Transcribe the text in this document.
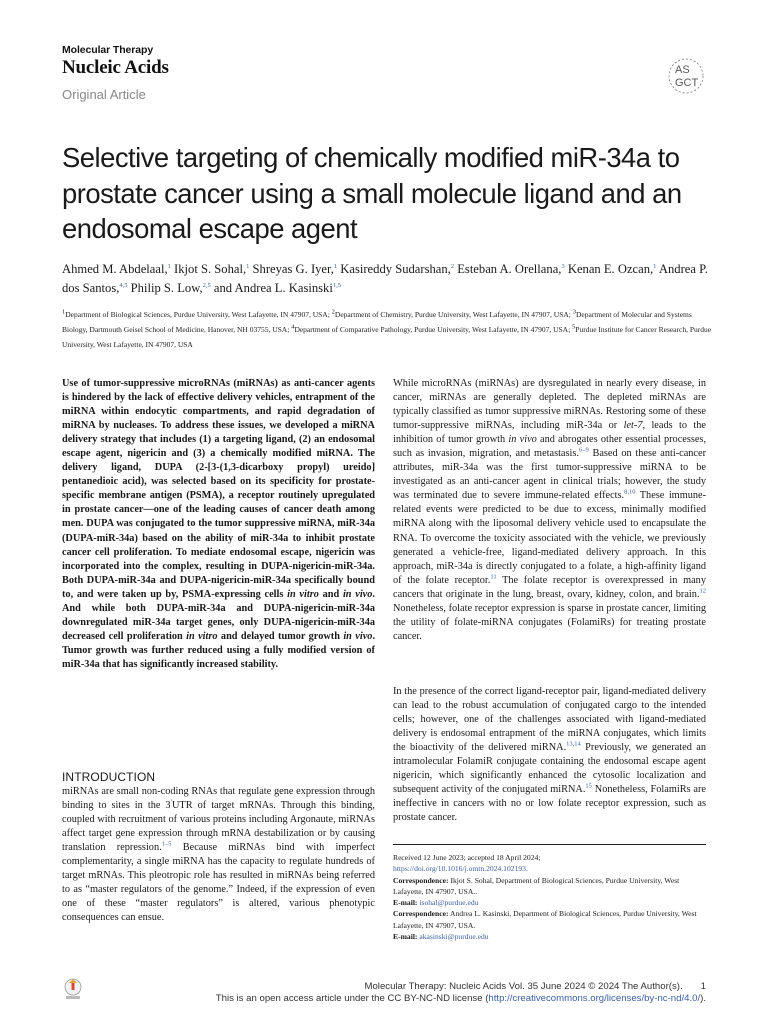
Molecular Therapy
Nucleic Acids
Original Article
AS
GCT
Selective targeting of chemically modified miR-34a to prostate cancer using a small molecule ligand and an endosomal escape agent
Ahmed M. Abdelaal,$^1$ Ikjot S. Sohal,$^1$ Shreyas G. Iyer,$^1$ Kasireddy Sudarshan,$^2$ Esteban A. Orellana,$^3$ Kenan E. Ozcan,$^1$ Andrea P. dos Santos,$^{4,5}$ Philip S. Low,$^{2,5}$ and Andrea L. Kasinski$^{1,5}$
$^1$Department of Biological Sciences, Purdue University, West Lafayette, IN 47907, USA; $^2$Department of Chemistry, Purdue University, West Lafayette, IN 47907, USA; $^3$Department of Molecular and Systems Biology, Dartmouth Geisel School of Medicine, Hanover, NH 03755, USA; $^4$Department of Comparative Pathology, Purdue University, West Lafayette, IN 47907, USA; $^5$Purdue Institute for Cancer Research, Purdue University, West Lafayette, IN 47907, USA
Use of tumor-suppressive microRNAs (miRNAs) as anti-cancer agents is hindered by the lack of effective delivery vehicles, entrapment of the miRNA within endocytic compartments, and rapid degradation of miRNA by nucleases. To address these issues, we developed a miRNA delivery strategy that includes (1) a targeting ligand, (2) an endosomal escape agent, nigericin and (3) a chemically modified miRNA. The delivery ligand, DUPA (2-[3-(1,3-dicarboxy propyl) ureido] pentanedioic acid), was selected based on its specificity for prostate-specific membrane antigen (PSMA), a receptor routinely upregulated in prostate cancer—one of the leading causes of cancer death among men. DUPA was conjugated to the tumor suppressive miRNA, miR-34a (DUPA-miR-34a) based on the ability of miR-34a to inhibit prostate cancer cell proliferation. To mediate endosomal escape, nigericin was incorporated into the complex, resulting in DUPA-nigericin-miR-34a. Both DUPA-miR-34a and DUPA-nigericin-miR-34a specifically bound to, and were taken up by, PSMA-expressing cells in vitro and in vivo. And while both DUPA-miR-34a and DUPA-nigericin-miR-34a downregulated miR-34a target genes, only DUPA-nigericin-miR-34a decreased cell proliferation in vitro and delayed tumor growth in vivo. Tumor growth was further reduced using a fully modified version of miR-34a that has significantly increased stability.
INTRODUCTION
miRNAs are small non-coding RNAs that regulate gene expression through binding to sites in the 3′UTR of target mRNAs. Through this binding, coupled with recruitment of various proteins including Argonaute, miRNAs affect target gene expression through mRNA destabilization or by causing translation repression.$^{1-5}$ Because miRNAs bind with imperfect complementarity, a single miRNA has the capacity to regulate hundreds of target mRNAs. This pleotropic role has resulted in miRNAs being referred to as “master regulators of the genome.” Indeed, if the expression of even one of these “master regulators” is altered, various phenotypic consequences can ensue.
While microRNAs (miRNAs) are dysregulated in nearly every disease, in cancer, miRNAs are generally depleted. The depleted miRNAs are typically classified as tumor suppressive miRNAs. Restoring some of these tumor-suppressive miRNAs, including miR-34a or let-7, leads to the inhibition of tumor growth in vivo and abrogates other essential processes, such as invasion, migration, and metastasis.$^{6-9}$ Based on these anti-cancer attributes, miR-34a was the first tumor-suppressive miRNA to be investigated as an anti-cancer agent in clinical trials; however, the study was terminated due to severe immune-related effects.$^{8,10}$ These immune-related events were predicted to be due to excess, minimally modified miRNA along with the liposomal delivery vehicle used to encapsulate the RNA. To overcome the toxicity associated with the vehicle, we previously generated a vehicle-free, ligand-mediated delivery approach. In this approach, miR-34a is directly conjugated to a folate, a high-affinity ligand of the folate receptor.$^{11}$ The folate receptor is overexpressed in many cancers that originate in the lung, breast, ovary, kidney, colon, and brain.$^{12}$ Nonetheless, folate receptor expression is sparse in prostate cancer, limiting the utility of folate-miRNA conjugates (FolamiRs) for treating prostate cancer.
In the presence of the correct ligand-receptor pair, ligand-mediated delivery can lead to the robust accumulation of conjugated cargo to the intended cells; however, one of the challenges associated with ligand-mediated delivery is endosomal entrapment of the miRNA conjugates, which limits the bioactivity of the delivered miRNA.$^{13,14}$ Previously, we generated an intramolecular FolamiR conjugate containing the endosomal escape agent nigericin, which significantly enhanced the cytosolic localization and subsequent activity of the conjugated miRNA.$^{15}$ Nonetheless, FolamiRs are ineffective in cancers with no or low folate receptor expression, such as prostate cancer.

Received 12 June 2023; accepted 18 April 2024;

https://doi.org/10.1016/j.omtn.2024.102193.

Correspondence: Ikjot S. Sohal, Department of Biological Sciences, Purdue University, West Lafayette, IN 47907, USA..

E-mail: isohal@purdue.edu

Correspondence: Andrea L. Kasinski, Department of Biological Sciences, Purdue University, West Lafayette, IN 47907, USA.

E-mail: akasinski@purdue.edu

Molecular Therapy: Nucleic Acids Vol. 35 June 2024 © 2024 The Author(s). 1
This is an open access article under the CC BY-NC-ND license (http://creativecommons.org/licenses/by-nc-nd/4.0/).
